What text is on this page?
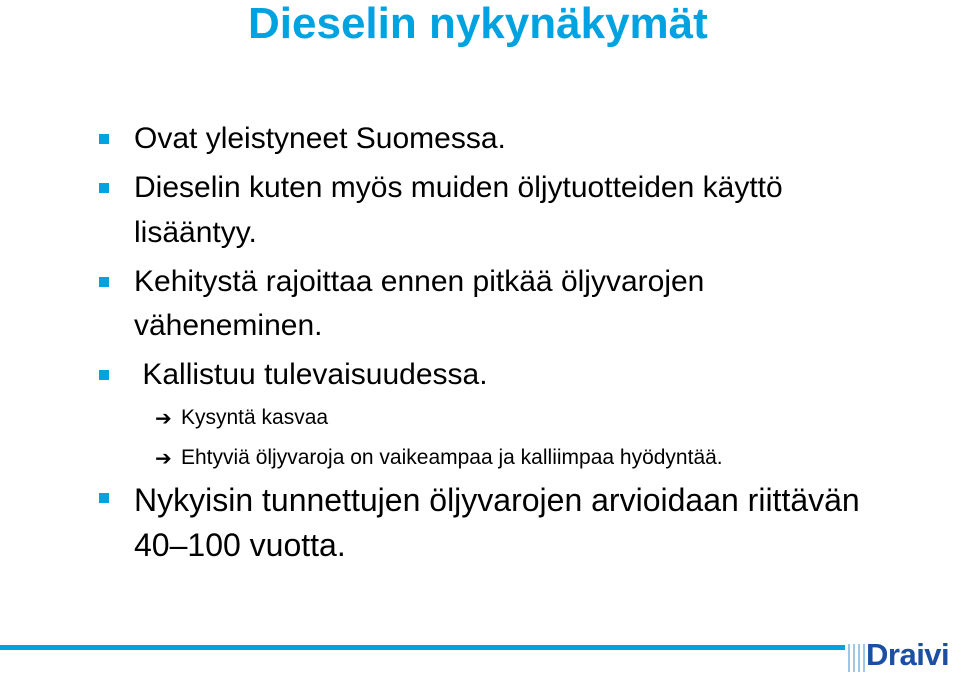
Dieselin nykynäkymät
Ovat yleistyneet Suomessa.
Dieselin kuten myös muiden öljytuotteiden käyttö
lisääntyy.
Kehitystä rajoittaa ennen pitkää öljyvarojen
väheneminen.
Kallistuu tulevaisuudessa.
➔ Kysyntä kasvaa
➔ Ehtyviä öljyvaroja on vaikeampaa ja kalliimpaa hyödyntää.
Nykyisin tunnettujen öljyvarojen arvioidaan riittävän
40–100 vuotta.
Draivi
